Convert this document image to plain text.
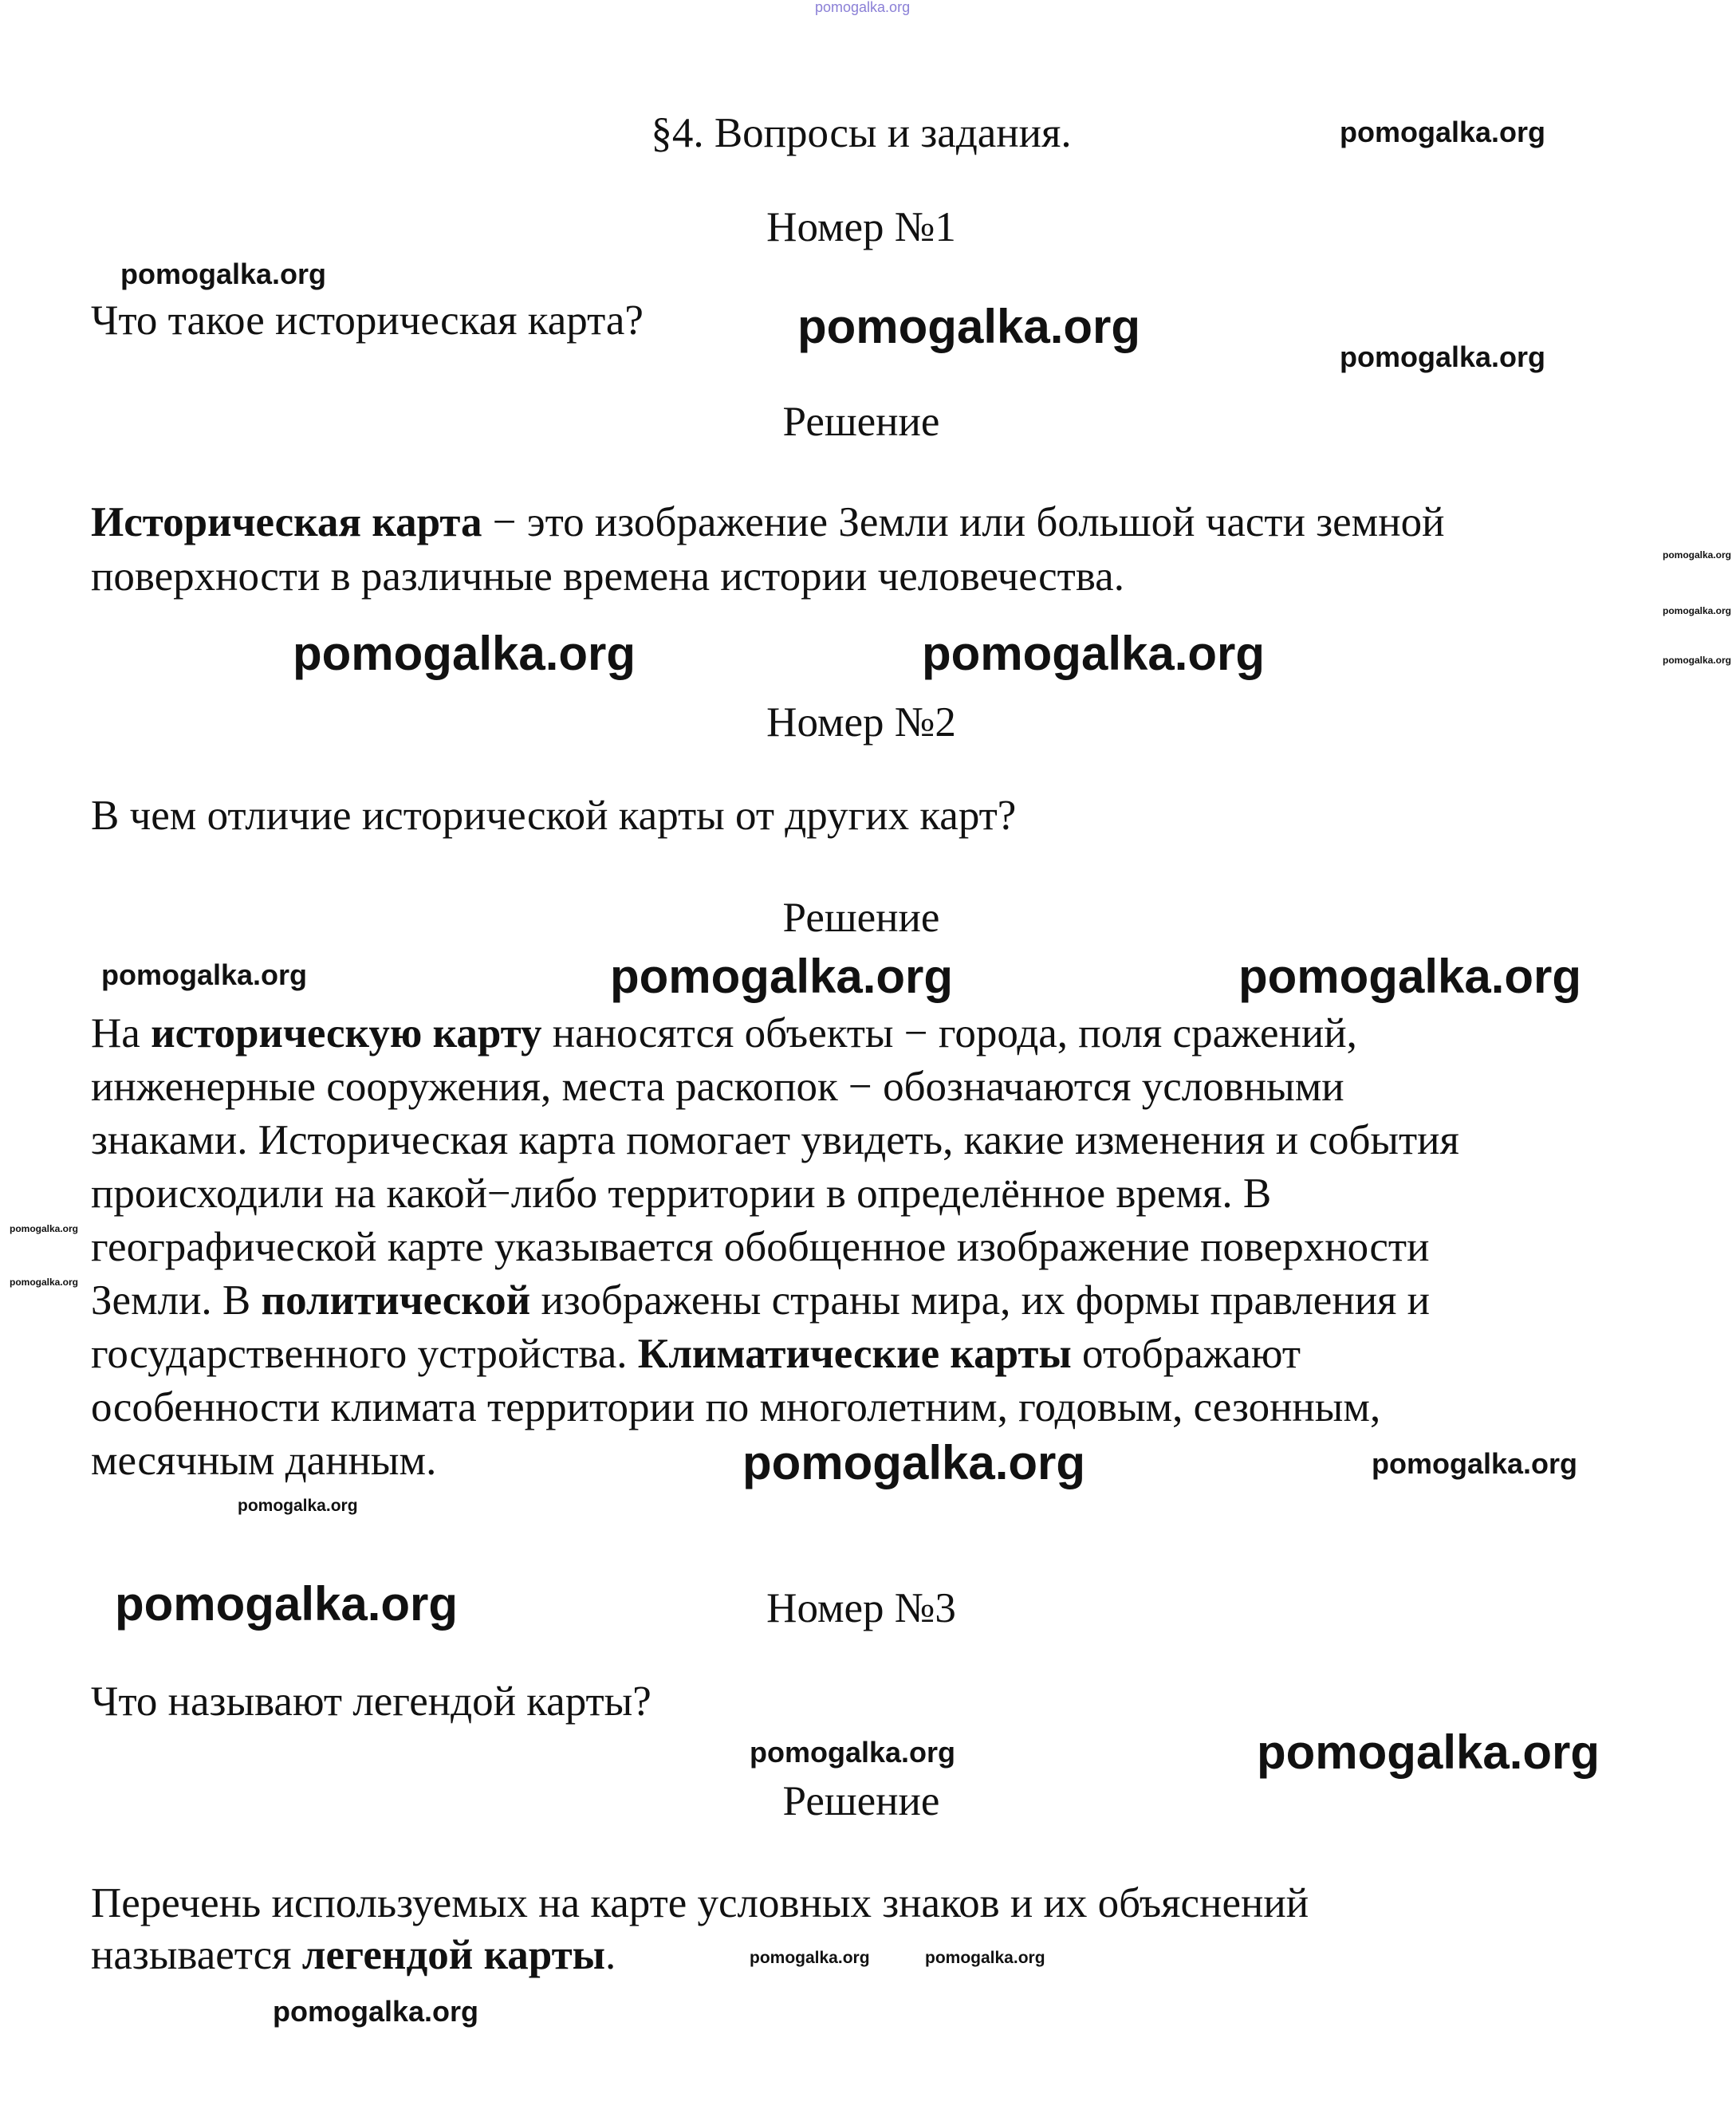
pomogalka.org
§4. Вопросы и задания.
Номер №1
Что такое историческая карта?
Решение
Историческая карта − это изображение Земли или большой части земной
поверхности в различные времена истории человечества.
Номер №2
В чем отличие исторической карты от других карт?
Решение
На историческую карту наносятся объекты − города, поля сражений,
инженерные сооружения, места раскопок − обозначаются условными
знаками. Историческая карта помогает увидеть, какие изменения и события
происходили на какой−либо территории в определённое время. В
географической карте указывается обобщенное изображение поверхности
Земли. В политической изображены страны мира, их формы правления и
государственного устройства. Климатические карты отображают
особенности климата территории по многолетним, годовым, сезонным,
месячным данным.
Номер №3
Что называют легендой карты?
Решение
Перечень используемых на карте условных знаков и их объяснений
называется легендой карты.
pomogalka.org
pomogalka.org
pomogalka.org
pomogalka.org
pomogalka.org
pomogalka.org
pomogalka.org
pomogalka.org	pomogalka.org
pomogalka.org	pomogalka.org	pomogalka.org
pomogalka.org
pomogalka.org
pomogalka.org
pomogalka.org	pomogalka.org
pomogalka.org
pomogalka.org	pomogalka.org
pomogalka.org
pomogalka.org	pomogalka.org
